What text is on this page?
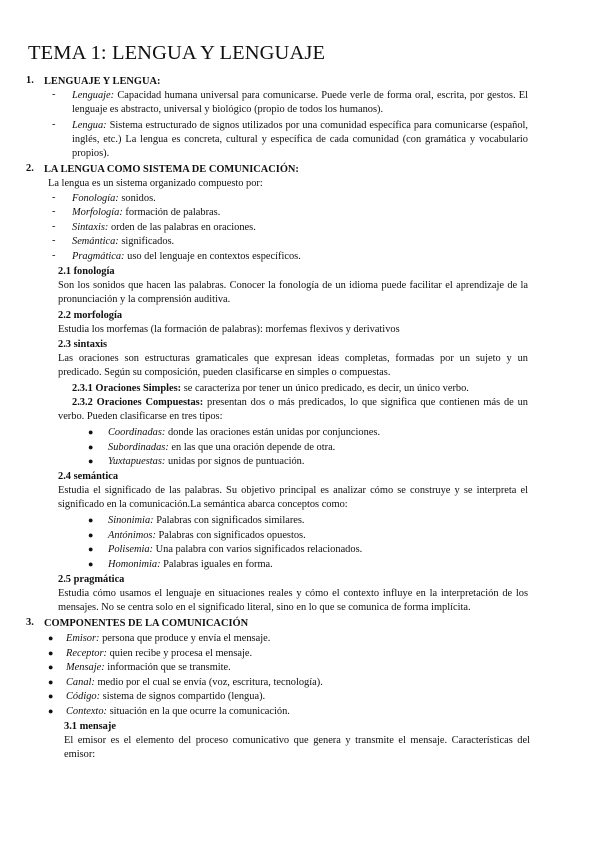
TEMA 1: LENGUA Y LENGUAJE
1. LENGUAJE Y LENGUA:
- Lenguaje: Capacidad humana universal para comunicarse. Puede verle de forma oral, escrita, por gestos. El lenguaje es abstracto, universal y biológico (propio de todos los humanos).
- Lengua: Sistema estructurado de signos utilizados por una comunidad específica para comunicarse (español, inglés, etc.) La lengua es concreta, cultural y específica de cada comunidad (con gramática y vocabulario propios).
2. LA LENGUA COMO SISTEMA DE COMUNICACIÓN:
La lengua es un sistema organizado compuesto por:
- Fonología: sonidos.
- Morfología: formación de palabras.
- Sintaxis: orden de las palabras en oraciones.
- Semántica: significados.
- Pragmática: uso del lenguaje en contextos específicos.
2.1 fonología
Son los sonidos que hacen las palabras. Conocer la fonología de un idioma puede facilitar el aprendizaje de la pronunciación y la comprensión auditiva.
2.2 morfología
Estudia los morfemas (la formación de palabras): morfemas flexivos y derivativos
2.3 sintaxis
Las oraciones son estructuras gramaticales que expresan ideas completas, formadas por un sujeto y un predicado. Según su composición, pueden clasificarse en simples o compuestas.
2.3.1 Oraciones Simples: se caracteriza por tener un único predicado, es decir, un único verbo.
2.3.2 Oraciones Compuestas: presentan dos o más predicados, lo que significa que contienen más de un verbo. Pueden clasificarse en tres tipos:
● Coordinadas: donde las oraciones están unidas por conjunciones.
● Subordinadas: en las que una oración depende de otra.
● Yuxtapuestas: unidas por signos de puntuación.
2.4 semántica
Estudia el significado de las palabras. Su objetivo principal es analizar cómo se construye y se interpreta el significado en la comunicación.La semántica abarca conceptos como:
● Sinonimia: Palabras con significados similares.
● Antónimos: Palabras con significados opuestos.
● Polisemia: Una palabra con varios significados relacionados.
● Homonimia: Palabras iguales en forma.
2.5 pragmática
Estudia cómo usamos el lenguaje en situaciones reales y cómo el contexto influye en la interpretación de los mensajes. No se centra solo en el significado literal, sino en lo que se comunica de forma implícita.
3. COMPONENTES DE LA COMUNICACIÓN
● Emisor: persona que produce y envía el mensaje.
● Receptor: quien recibe y procesa el mensaje.
● Mensaje: información que se transmite.
● Canal: medio por el cual se envía (voz, escritura, tecnología).
● Código: sistema de signos compartido (lengua).
● Contexto: situación en la que ocurre la comunicación.
3.1 mensaje
El emisor es el elemento del proceso comunicativo que genera y transmite el mensaje. Características del emisor:
